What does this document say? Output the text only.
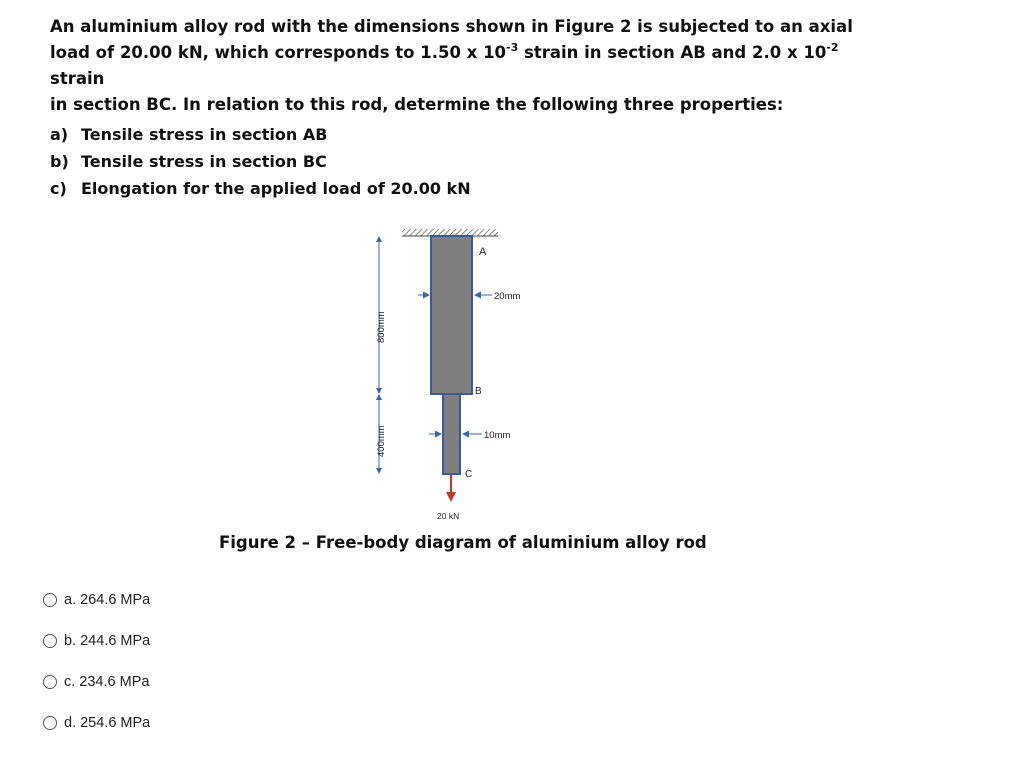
An aluminium alloy rod with the dimensions shown in Figure 2 is subjected to an axial
load of 20.00 kN, which corresponds to 1.50 x $10^{-3}$ strain in section AB and 2.0 x $10^{-2}$ strain
in section BC. In relation to this rod, determine the following three properties:
a) Tensile stress in section AB
b) Tensile stress in section BC
c) Elongation for the applied load of 20.00 kN
A
B
C
20mm
10mm
800mm
400mm
20 kN
Figure 2 – Free-body diagram of aluminium alloy rod
a. 264.6 MPa
b. 244.6 MPa
c. 234.6 MPa
d. 254.6 MPa
